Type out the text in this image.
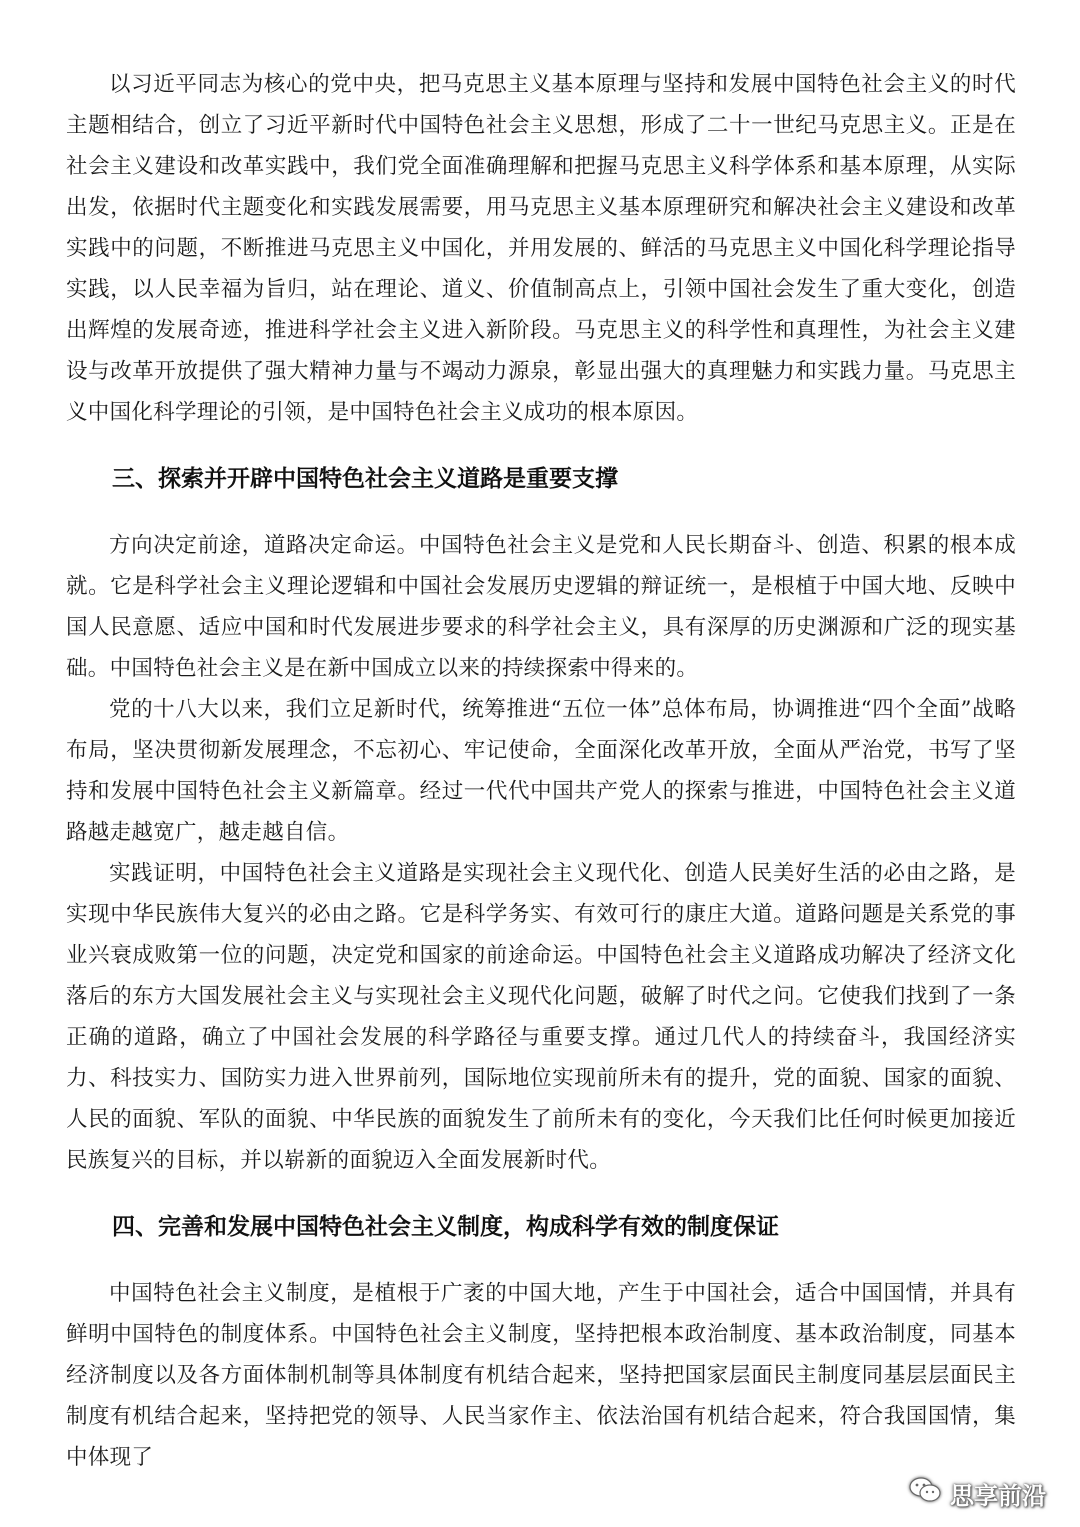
以习近平同志为核心的党中央，把马克思主义基本原理与坚持和发展中国特色社会主义的时代主题相结合，创立了习近平新时代中国特色社会主义思想，形成了二十一世纪马克思主义。正是在社会主义建设和改革实践中，我们党全面准确理解和把握马克思主义科学体系和基本原理，从实际出发，依据时代主题变化和实践发展需要，用马克思主义基本原理研究和解决社会主义建设和改革实践中的问题，不断推进马克思主义中国化，并用发展的、鲜活的马克思主义中国化科学理论指导实践，以人民幸福为旨归，站在理论、道义、价值制高点上，引领中国社会发生了重大变化，创造出辉煌的发展奇迹，推进科学社会主义进入新阶段。马克思主义的科学性和真理性，为社会主义建设与改革开放提供了强大精神力量与不竭动力源泉，彰显出强大的真理魅力和实践力量。马克思主义中国化科学理论的引领，是中国特色社会主义成功的根本原因。

三、探索并开辟中国特色社会主义道路是重要支撑

方向决定前途，道路决定命运。中国特色社会主义是党和人民长期奋斗、创造、积累的根本成就。它是科学社会主义理论逻辑和中国社会发展历史逻辑的辩证统一，是根植于中国大地、反映中国人民意愿、适应中国和时代发展进步要求的科学社会主义，具有深厚的历史渊源和广泛的现实基础。中国特色社会主义是在新中国成立以来的持续探索中得来的。

党的十八大以来，我们立足新时代，统筹推进“五位一体”总体布局，协调推进“四个全面”战略布局，坚决贯彻新发展理念，不忘初心、牢记使命，全面深化改革开放，全面从严治党，书写了坚持和发展中国特色社会主义新篇章。经过一代代中国共产党人的探索与推进，中国特色社会主义道路越走越宽广，越走越自信。

实践证明，中国特色社会主义道路是实现社会主义现代化、创造人民美好生活的必由之路，是实现中华民族伟大复兴的必由之路。它是科学务实、有效可行的康庄大道。道路问题是关系党的事业兴衰成败第一位的问题，决定党和国家的前途命运。中国特色社会主义道路成功解决了经济文化落后的东方大国发展社会主义与实现社会主义现代化问题，破解了时代之问。它使我们找到了一条正确的道路，确立了中国社会发展的科学路径与重要支撑。通过几代人的持续奋斗，我国经济实力、科技实力、国防实力进入世界前列，国际地位实现前所未有的提升，党的面貌、国家的面貌、人民的面貌、军队的面貌、中华民族的面貌发生了前所未有的变化，今天我们比任何时候更加接近民族复兴的目标，并以崭新的面貌迈入全面发展新时代。

四、完善和发展中国特色社会主义制度，构成科学有效的制度保证

中国特色社会主义制度，是植根于广袤的中国大地，产生于中国社会，适合中国国情，并具有鲜明中国特色的制度体系。中国特色社会主义制度，坚持把根本政治制度、基本政治制度，同基本经济制度以及各方面体制机制等具体制度有机结合起来，坚持把国家层面民主制度同基层层面民主制度有机结合起来，坚持把党的领导、人民当家作主、依法治国有机结合起来，符合我国国情，集中体现了

思享前沿
